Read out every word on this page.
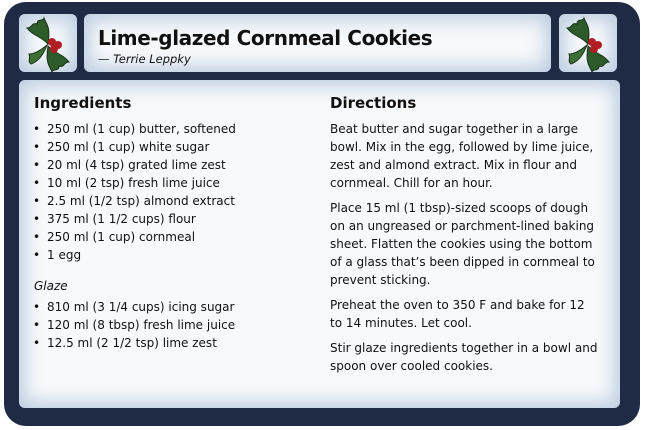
Lime-glazed Cornmeal Cookies
— Terrie Leppky
Ingredients
• 250 ml (1 cup) butter, softened
• 250 ml (1 cup) white sugar
• 20 ml (4 tsp) grated lime zest
• 10 ml (2 tsp) fresh lime juice
• 2.5 ml (1/2 tsp) almond extract
• 375 ml (1 1/2 cups) flour
• 250 ml (1 cup) cornmeal
• 1 egg
Glaze
• 810 ml (3 1/4 cups) icing sugar
• 120 ml (8 tbsp) fresh lime juice
• 12.5 ml (2 1/2 tsp) lime zest
Directions

Beat butter and sugar together in a large bowl. Mix in the egg, followed by lime juice, zest and almond extract. Mix in flour and cornmeal. Chill for an hour.

Place 15 ml (1 tbsp)-sized scoops of dough on an ungreased or parchment-lined baking sheet. Flatten the cookies using the bottom of a glass that’s been dipped in cornmeal to prevent sticking.

Preheat the oven to 350 F and bake for 12 to 14 minutes. Let cool.

Stir glaze ingredients together in a bowl and spoon over cooled cookies.
